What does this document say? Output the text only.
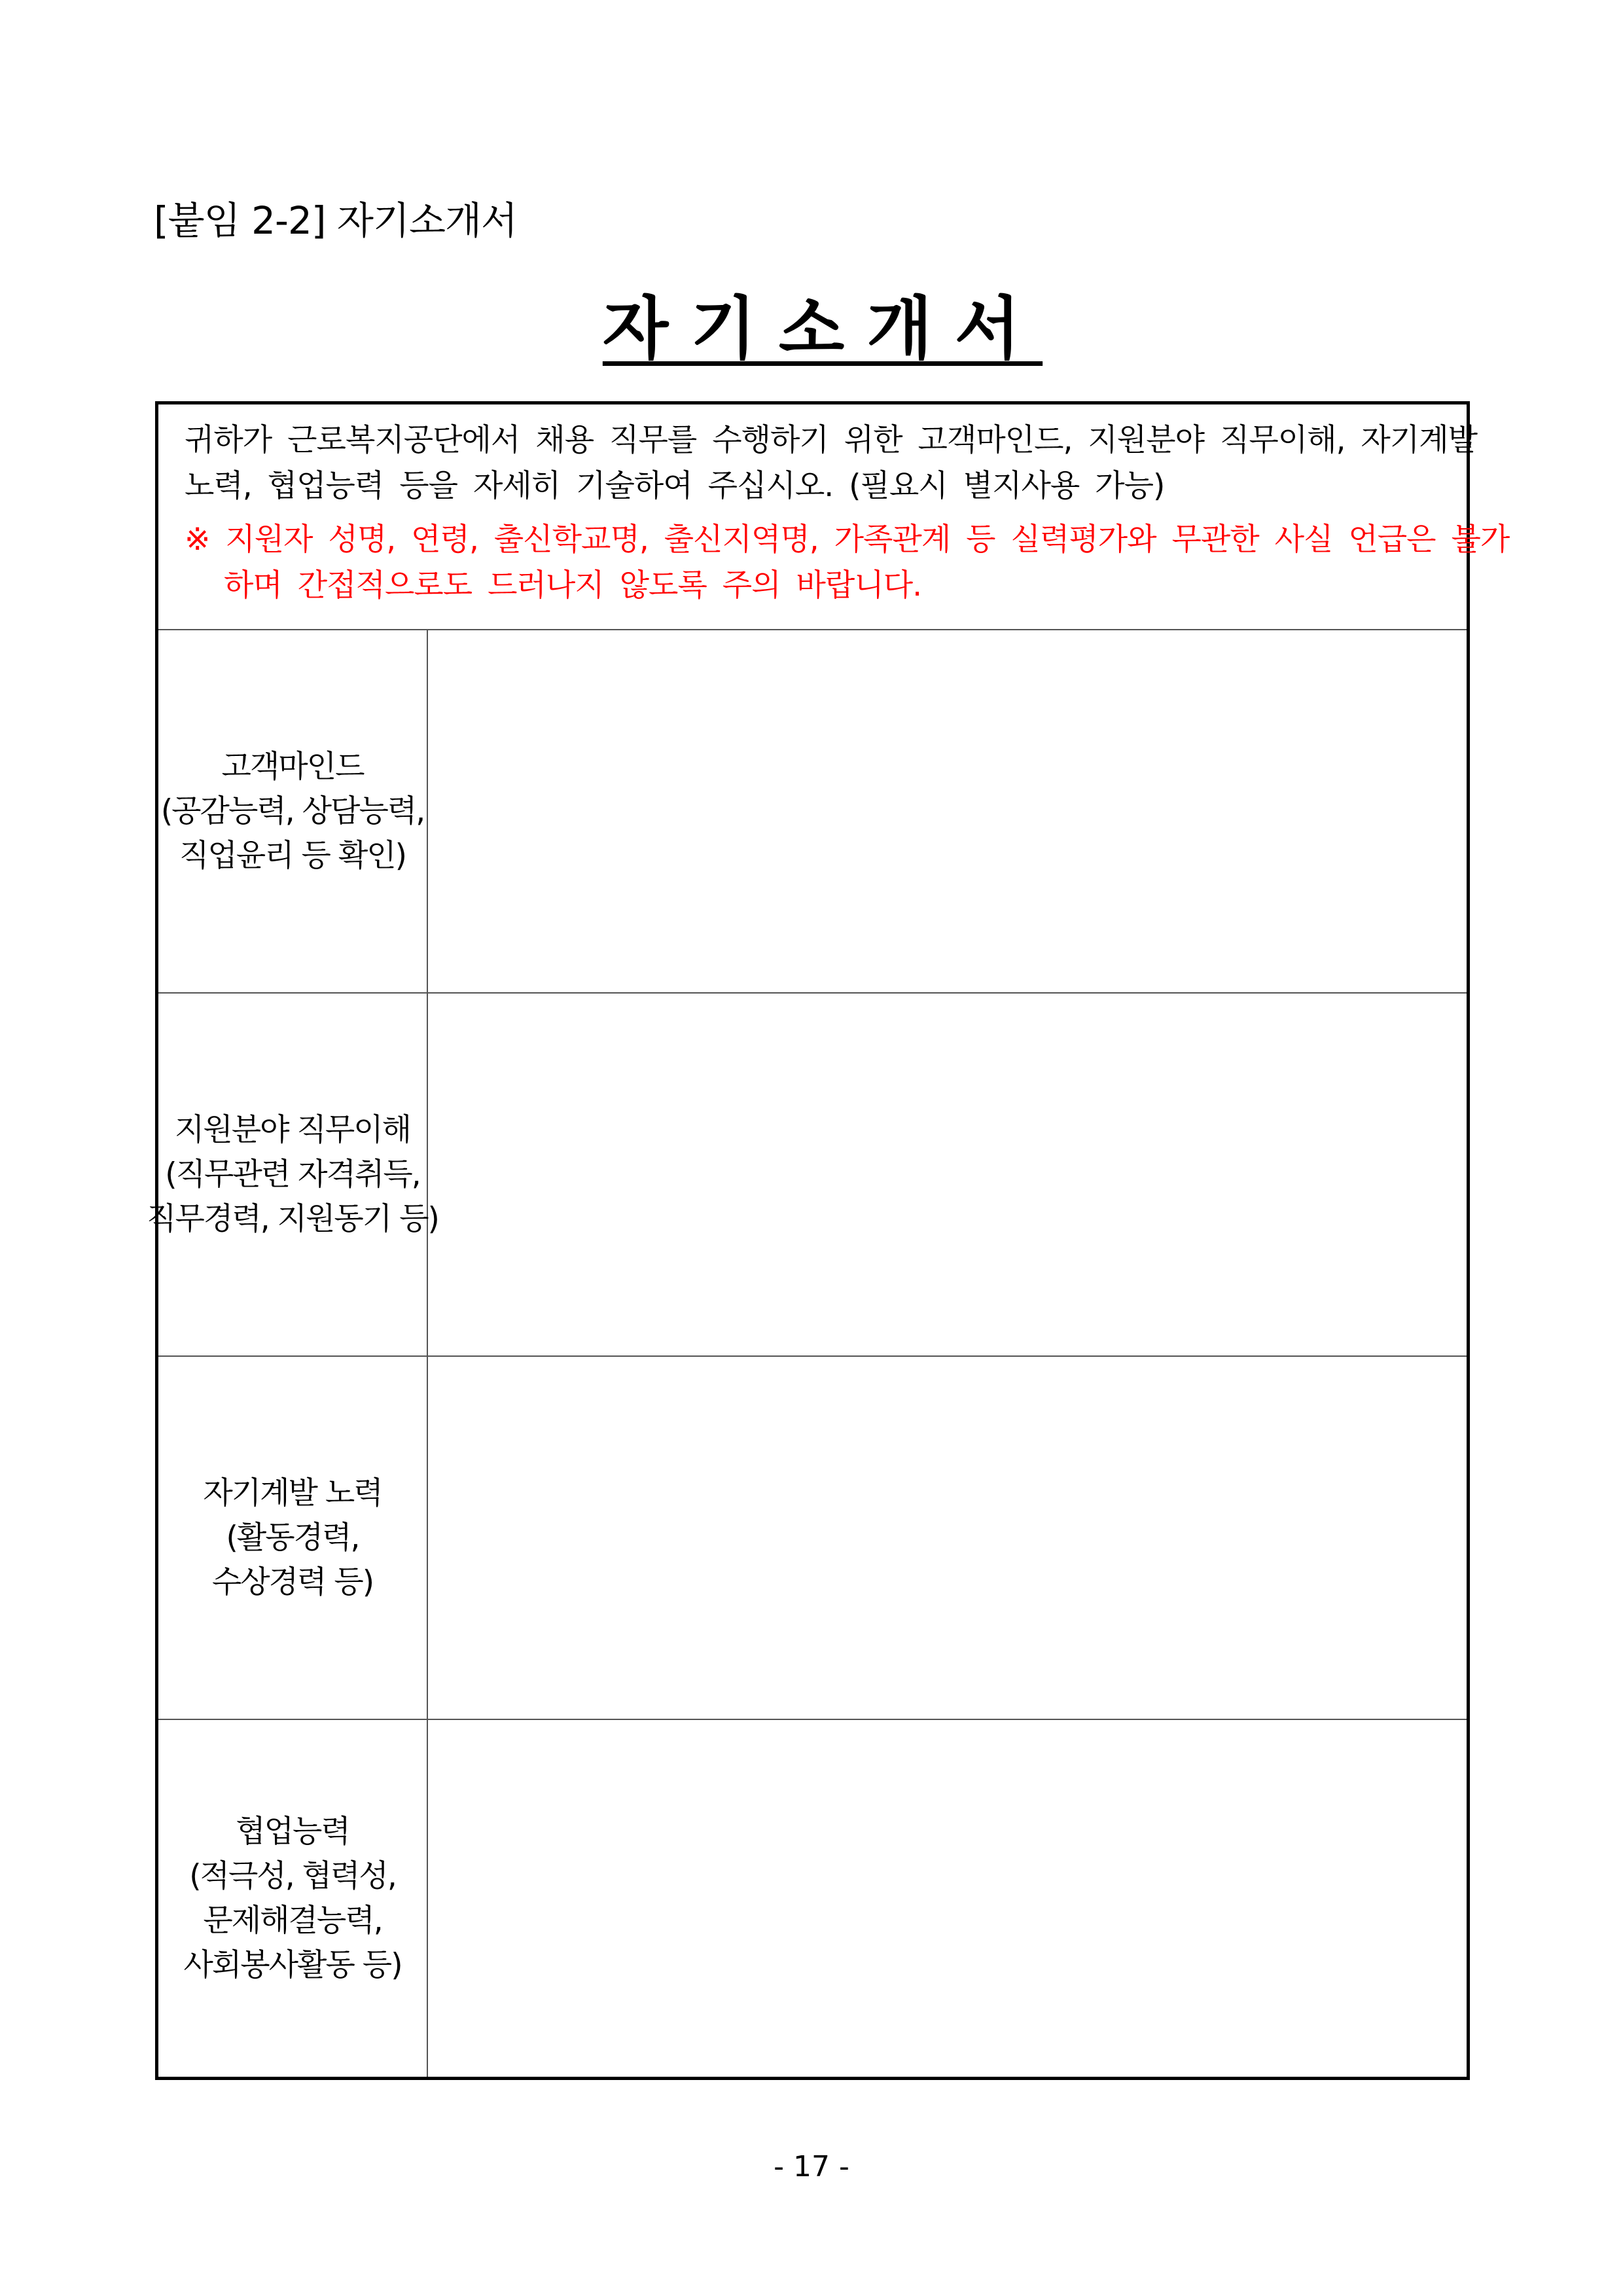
[붙임 2-2] 자기소개서
자기소개서
귀하가 근로복지공단에서 채용 직무를 수행하기 위한 고객마인드, 지원분야 직무이해, 자기계발
노력, 협업능력 등을 자세히 기술하여 주십시오. (필요시 별지사용 가능)
※ 지원자 성명, 연령, 출신학교명, 출신지역명, 가족관계 등 실력평가와 무관한 사실 언급은 불가
하며 간접적으로도 드러나지 않도록 주의 바랍니다.
고객마인드
(공감능력, 상담능력,
직업윤리 등 확인)
지원분야 직무이해
(직무관련 자격취득,
직무경력, 지원동기 등)
자기계발 노력
(활동경력,
수상경력 등)
협업능력
(적극성, 협력성,
문제해결능력,
사회봉사활동 등)
- 17 -
